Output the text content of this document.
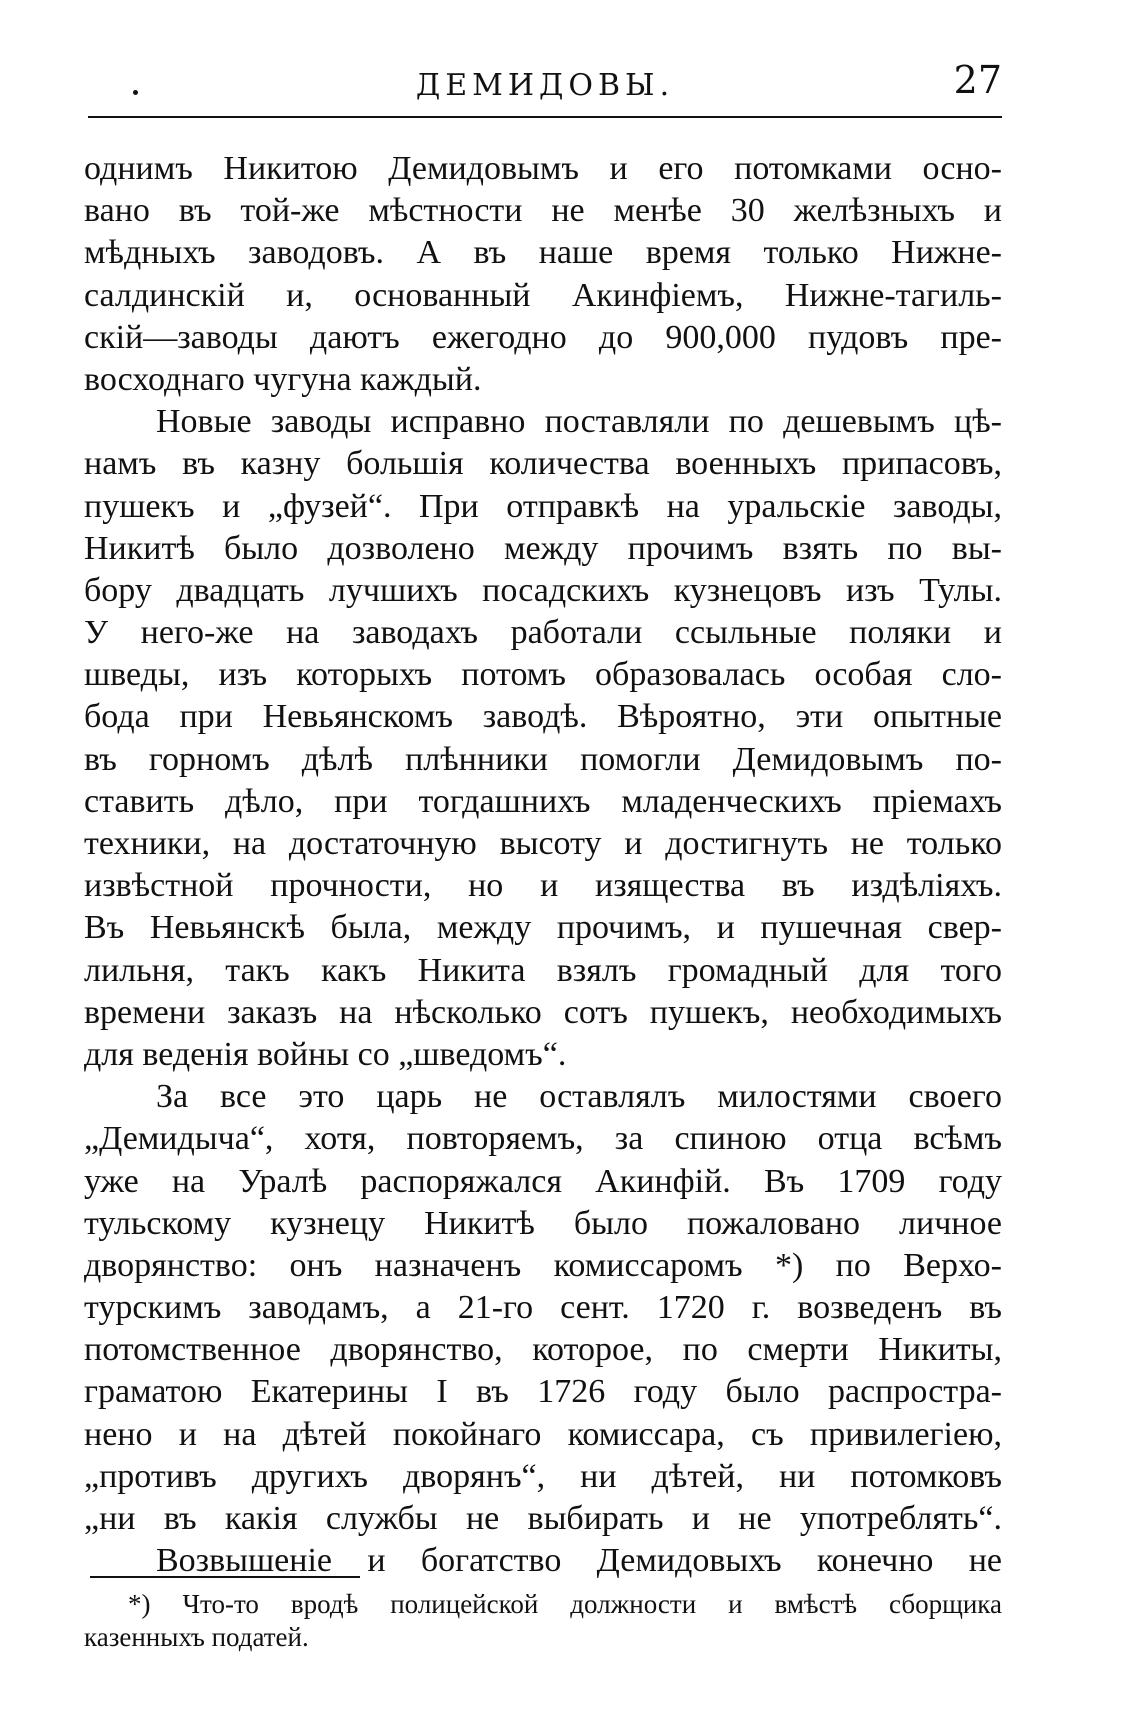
ДЕМИДОВЫ.	27
однимъ Никитою Демидовымъ и его потомками осно-
вано въ той-же мѣстности не менѣе 30 желѣзныхъ и
мѣдныхъ заводовъ. А въ наше время только Нижне-
салдинскій и, основанный Акинфіемъ, Нижне-тагиль-
скій—заводы даютъ ежегодно до 900,000 пудовъ пре-
восходнаго чугуна каждый.
Новые заводы исправно поставляли по дешевымъ цѣ-
намъ въ казну большія количества военныхъ припасовъ,
пушекъ и „фузей“. При отправкѣ на уральскіе заводы,
Никитѣ было дозволено между прочимъ взять по вы-
бору двадцать лучшихъ посадскихъ кузнецовъ изъ Тулы.
У него-же на заводахъ работали ссыльные поляки и
шведы, изъ которыхъ потомъ образовалась особая сло-
бода при Невьянскомъ заводѣ. Вѣроятно, эти опытные
въ горномъ дѣлѣ плѣнники помогли Демидовымъ по-
ставить дѣло, при тогдашнихъ младенческихъ пріемахъ
техники, на достаточную высоту и достигнуть не только
извѣстной прочности, но и изящества въ издѣліяхъ.
Въ Невьянскѣ была, между прочимъ, и пушечная свер-
лильня, такъ какъ Никита взялъ громадный для того
времени заказъ на нѣсколько сотъ пушекъ, необходимыхъ
для веденія войны со „шведомъ“.
За все это царь не оставлялъ милостями своего
„Демидыча“, хотя, повторяемъ, за спиною отца всѣмъ
уже на Уралѣ распоряжался Акинфій. Въ 1709 году
тульскому кузнецу Никитѣ было пожаловано личное
дворянство: онъ назначенъ комиссаромъ *) по Верхо-
турскимъ заводамъ, а 21-го сент. 1720 г. возведенъ въ
потомственное дворянство, которое, по смерти Никиты,
граматою Екатерины I въ 1726 году было распростра-
нено и на дѣтей покойнаго комиссара, съ привилегіею,
„противъ другихъ дворянъ“, ни дѣтей, ни потомковъ
„ни въ какія службы не выбирать и не употреблять“.
Возвышеніе и богатство Демидовыхъ конечно не
*) Что-то вродѣ полицейской должности и вмѣстѣ сборщика
казенныхъ податей.
